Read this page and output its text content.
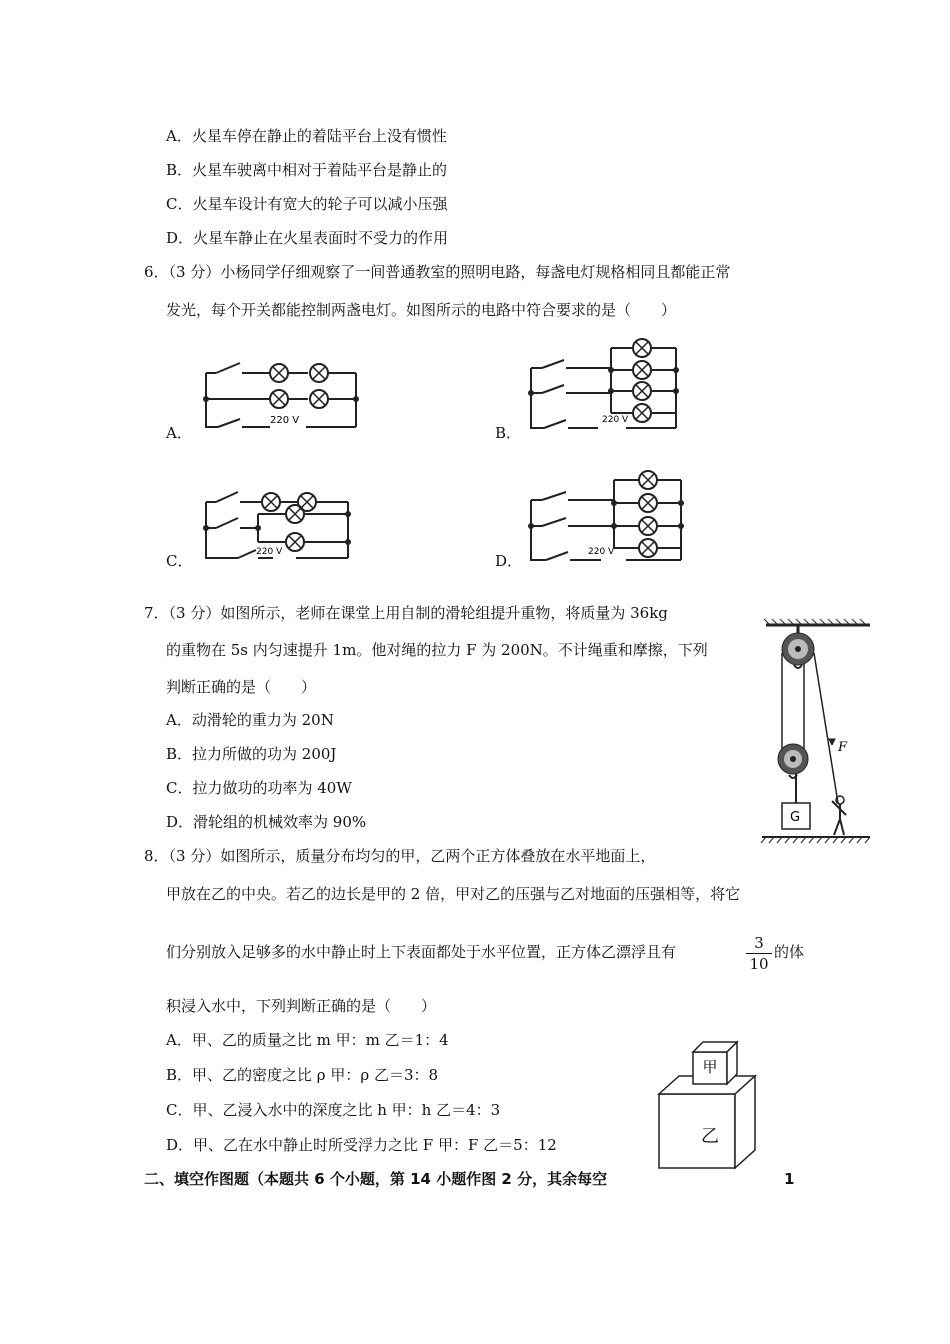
A．火星车停在静止的着陆平台上没有惯性
B．火星车驶离中相对于着陆平台是静止的
C．火星车设计有宽大的轮子可以减小压强
D．火星车静止在火星表面时不受力的作用
6．（3 分）小杨同学仔细观察了一间普通教室的照明电路，每盏电灯规格相同且都能正常
发光，每个开关都能控制两盏电灯。如图所示的电路中符合要求的是（　　）
A．	B．
C．	D．
220 V	220 V
220 V	220 V
7．（3 分）如图所示，老师在课堂上用自制的滑轮组提升重物，将质量为 36kg
的重物在 5s 内匀速提升 1m。他对绳的拉力 F 为 200N。不计绳重和摩擦，下列
判断正确的是（　　）
A．动滑轮的重力为 20N
B．拉力所做的功为 200J
C．拉力做功的功率为 40W
D．滑轮组的机械效率为 90%
F
G
8．（3 分）如图所示，质量分布均匀的甲，乙两个正方体叠放在水平地面上，
甲放在乙的中央。若乙的边长是甲的 2 倍，甲对乙的压强与乙对地面的压强相等，将它
们分别放入足够多的水中静止时上下表面都处于水平位置，正方体乙漂浮且有	3
10
的体
积浸入水中，下列判断正确的是（　　）
A．甲、乙的质量之比 m 甲：m 乙＝1：4
B．甲、乙的密度之比 ρ 甲：ρ 乙＝3：8
C．甲、乙浸入水中的深度之比 h 甲：h 乙＝4：3
D．甲、乙在水中静止时所受浮力之比 F 甲：F 乙＝5：12
甲
乙
二、填空作图题（本题共 6 个小题，第 14 小题作图 2 分，其余每空	1
